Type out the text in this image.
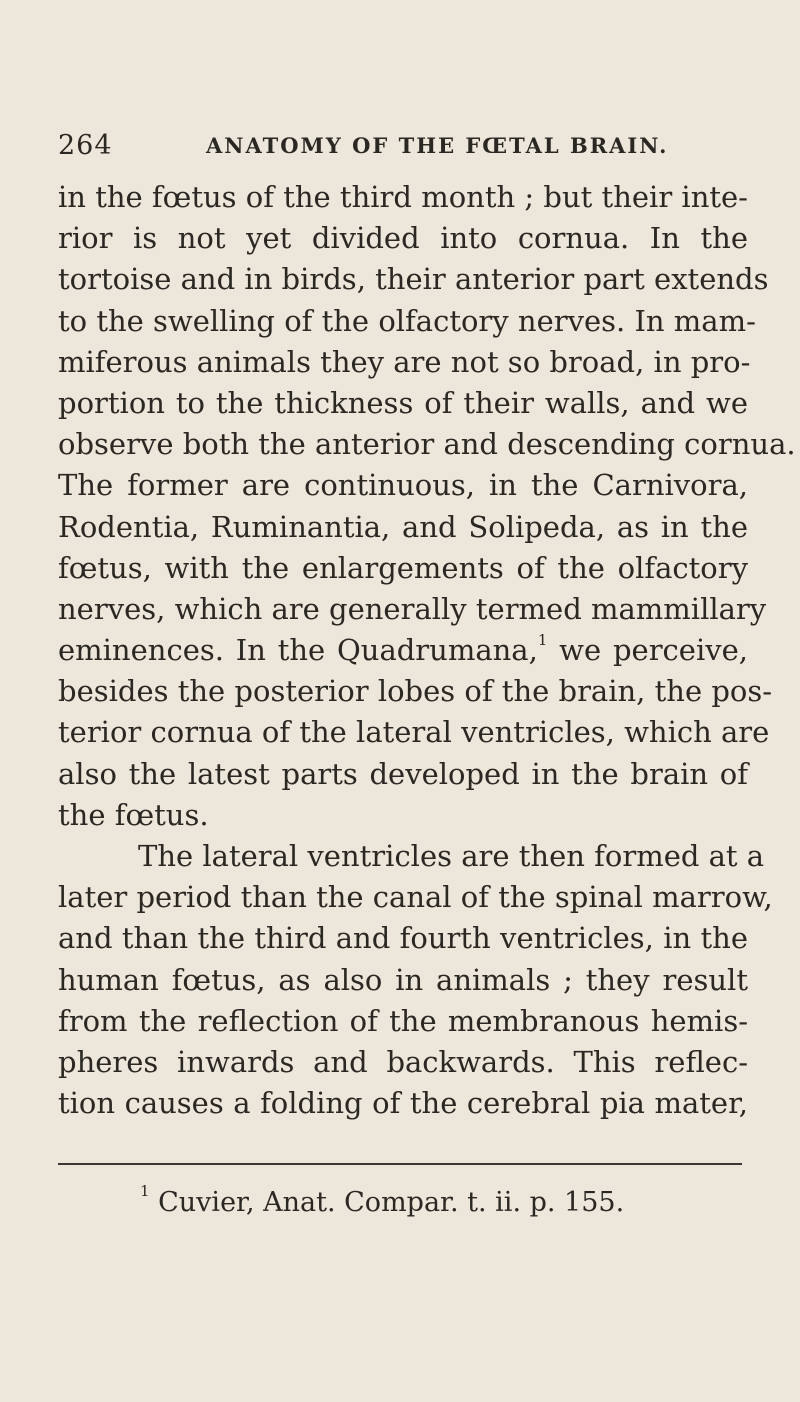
264	ANATOMY OF THE FŒTAL BRAIN.
in the fœtus of the third month ; but their inte-
rior is not yet divided into cornua. In the
tortoise and in birds, their anterior part extends
to the swelling of the olfactory nerves. In mam-
miferous animals they are not so broad, in pro-
portion to the thickness of their walls, and we
observe both the anterior and descending cornua.
The former are continuous, in the Carnivora,
Rodentia, Ruminantia, and Solipeda, as in the
fœtus, with the enlargements of the olfactory
nerves, which are generally termed mammillary
eminences. In the Quadrumana,$^1$ we perceive,
besides the posterior lobes of the brain, the pos-
terior cornua of the lateral ventricles, which are
also the latest parts developed in the brain of
the fœtus.
The lateral ventricles are then formed at a
later period than the canal of the spinal marrow,
and than the third and fourth ventricles, in the
human fœtus, as also in animals ; they result
from the reflection of the membranous hemis-
pheres inwards and backwards. This reflec-
tion causes a folding of the cerebral pia mater,
$^1$ Cuvier, Anat. Compar. t. ii. p. 155.
